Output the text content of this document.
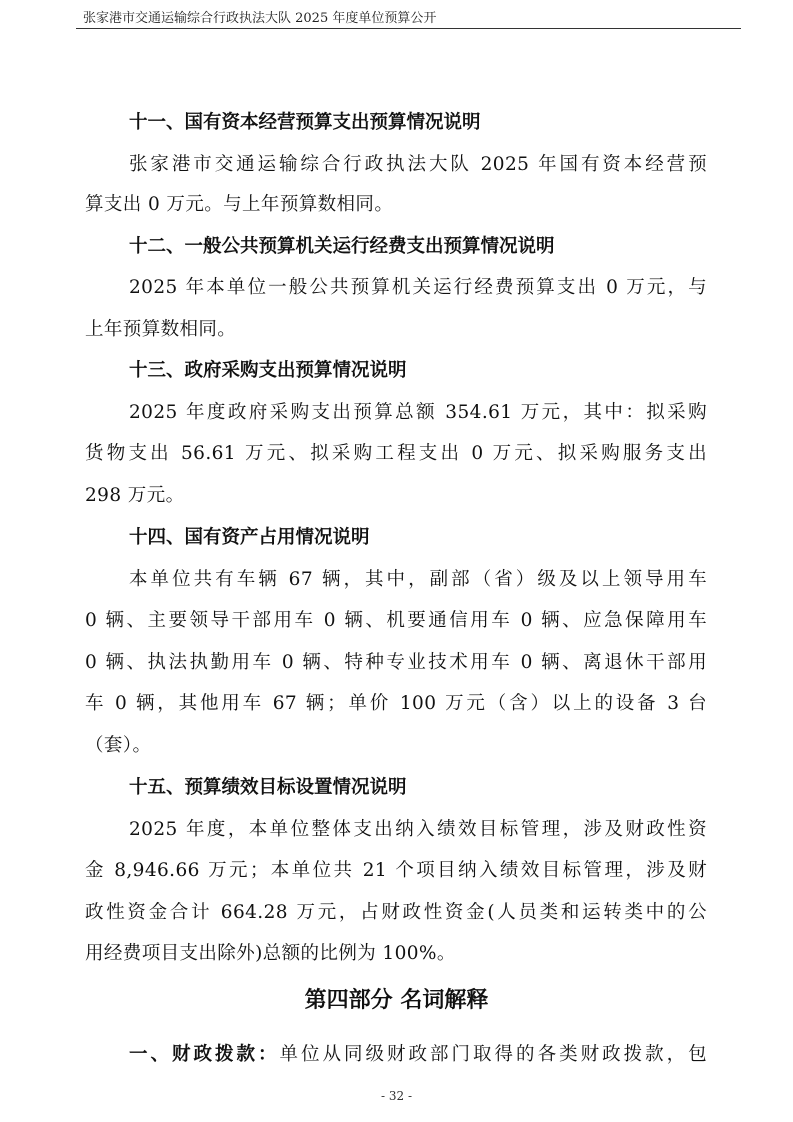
张家港市交通运输综合行政执法大队 2025 年度单位预算公开
十一、国有资本经营预算支出预算情况说明
张家港市交通运输综合行政执法大队 2025 年国有资本经营预
算支出 0 万元。与上年预算数相同。
十二、一般公共预算机关运行经费支出预算情况说明
2025 年本单位一般公共预算机关运行经费预算支出 0 万元，与
上年预算数相同。
十三、政府采购支出预算情况说明
2025 年度政府采购支出预算总额 354.61 万元，其中：拟采购
货物支出 56.61 万元、拟采购工程支出 0 万元、拟采购服务支出
298 万元。
十四、国有资产占用情况说明
本单位共有车辆 67 辆，其中，副部（省）级及以上领导用车
0 辆、主要领导干部用车 0 辆、机要通信用车 0 辆、应急保障用车
0 辆、执法执勤用车 0 辆、特种专业技术用车 0 辆、离退休干部用
车 0 辆，其他用车 67 辆；单价 100 万元（含）以上的设备 3 台
（套）。
十五、预算绩效目标设置情况说明
2025 年度，本单位整体支出纳入绩效目标管理，涉及财政性资
金 8,946.66 万元；本单位共 21 个项目纳入绩效目标管理，涉及财
政性资金合计 664.28 万元，占财政性资金(人员类和运转类中的公
用经费项目支出除外)总额的比例为 100%。
第四部分 名词解释
一、财政拨款：单位从同级财政部门取得的各类财政拨款，包
- 32 -
